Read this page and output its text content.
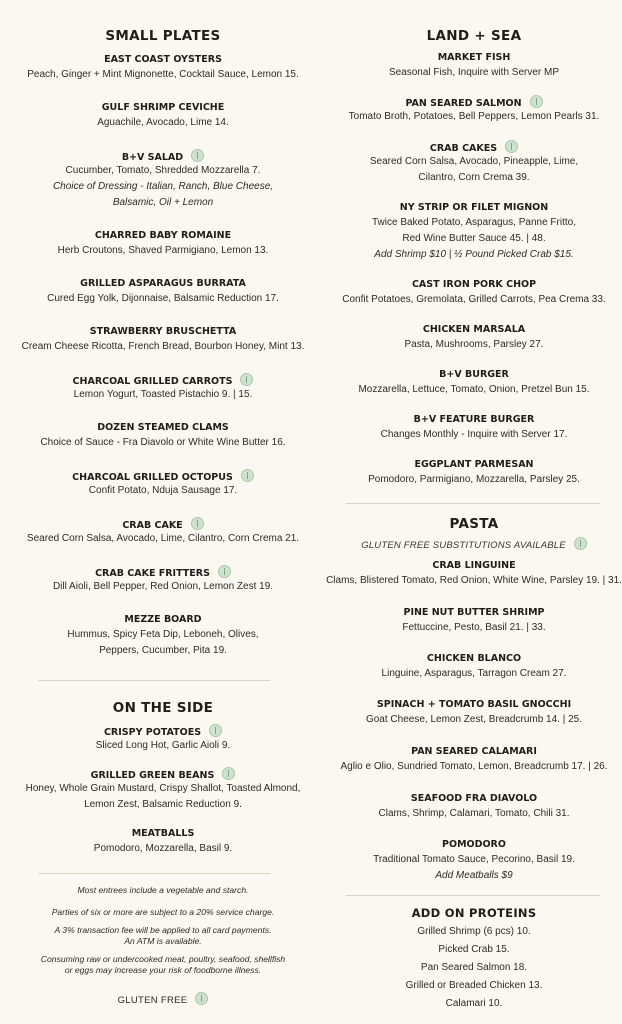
SMALL PLATES
EAST COAST OYSTERS
Peach, Ginger + Mint Mignonette, Cocktail Sauce, Lemon 15.
GULF SHRIMP CEVICHE
Aguachile, Avocado, Lime 14.
B+V SALAD
Cucumber, Tomato, Shredded Mozzarella 7.
Choice of Dressing - Italian, Ranch, Blue Cheese,
Balsamic, Oil + Lemon
CHARRED BABY ROMAINE
Herb Croutons, Shaved Parmigiano, Lemon 13.
GRILLED ASPARAGUS BURRATA
Cured Egg Yolk, Dijonnaise, Balsamic Reduction 17.
STRAWBERRY BRUSCHETTA
Cream Cheese Ricotta, French Bread, Bourbon Honey, Mint 13.
CHARCOAL GRILLED CARROTS
Lemon Yogurt, Toasted Pistachio 9. | 15.
DOZEN STEAMED CLAMS
Choice of Sauce - Fra Diavolo or White Wine Butter 16.
CHARCOAL GRILLED OCTOPUS
Confit Potato, Nduja Sausage 17.
CRAB CAKE
Seared Corn Salsa, Avocado, Lime, Cilantro, Corn Crema 21.
CRAB CAKE FRITTERS
Dill Aioli, Bell Pepper, Red Onion, Lemon Zest 19.
MEZZE BOARD
Hummus, Spicy Feta Dip, Leboneh, Olives,
Peppers, Cucumber, Pita 19.
ON THE SIDE
CRISPY POTATOES
Sliced Long Hot, Garlic Aioli 9.
GRILLED GREEN BEANS
Honey, Whole Grain Mustard, Crispy Shallot, Toasted Almond,
Lemon Zest, Balsamic Reduction 9.
MEATBALLS
Pomodoro, Mozzarella, Basil 9.
Most entrees include a vegetable and starch.
Parties of six or more are subject to a 20% service charge.
A 3% transaction fee will be applied to all card payments.
An ATM is available.
Consuming raw or undercooked meat, poultry, seafood, shellfish
or eggs may increase your risk of foodborne illness.
GLUTEN FREE
LAND + SEA
MARKET FISH
Seasonal Fish, Inquire with Server MP
PAN SEARED SALMON
Tomato Broth, Potatoes, Bell Peppers, Lemon Pearls 31.
CRAB CAKES
Seared Corn Salsa, Avocado, Pineapple, Lime,
Cilantro, Corn Crema 39.
NY STRIP OR FILET MIGNON
Twice Baked Potato, Asparagus, Panne Fritto,
Red Wine Butter Sauce 45. | 48.
Add Shrimp $10 | ½ Pound Picked Crab $15.
CAST IRON PORK CHOP
Confit Potatoes, Gremolata, Grilled Carrots, Pea Crema 33.
CHICKEN MARSALA
Pasta, Mushrooms, Parsley 27.
B+V BURGER
Mozzarella, Lettuce, Tomato, Onion, Pretzel Bun 15.
B+V FEATURE BURGER
Changes Monthly - Inquire with Server 17.
EGGPLANT PARMESAN
Pomodoro, Parmigiano, Mozzarella, Parsley 25.
PASTA
GLUTEN FREE SUBSTITUTIONS AVAILABLE
CRAB LINGUINE
Clams, Blistered Tomato, Red Onion, White Wine, Parsley 19. | 31.
PINE NUT BUTTER SHRIMP
Fettuccine, Pesto, Basil 21. | 33.
CHICKEN BLANCO
Linguine, Asparagus, Tarragon Cream 27.
SPINACH + TOMATO BASIL GNOCCHI
Goat Cheese, Lemon Zest, Breadcrumb 14. | 25.
PAN SEARED CALAMARI
Aglio e Olio, Sundried Tomato, Lemon, Breadcrumb 17. | 26.
SEAFOOD FRA DIAVOLO
Clams, Shrimp, Calamari, Tomato, Chili 31.
POMODORO
Traditional Tomato Sauce, Pecorino, Basil 19.
Add Meatballs $9
ADD ON PROTEINS
Grilled Shrimp (6 pcs) 10.
Picked Crab 15.
Pan Seared Salmon 18.
Grilled or Breaded Chicken 13.
Calamari 10.
